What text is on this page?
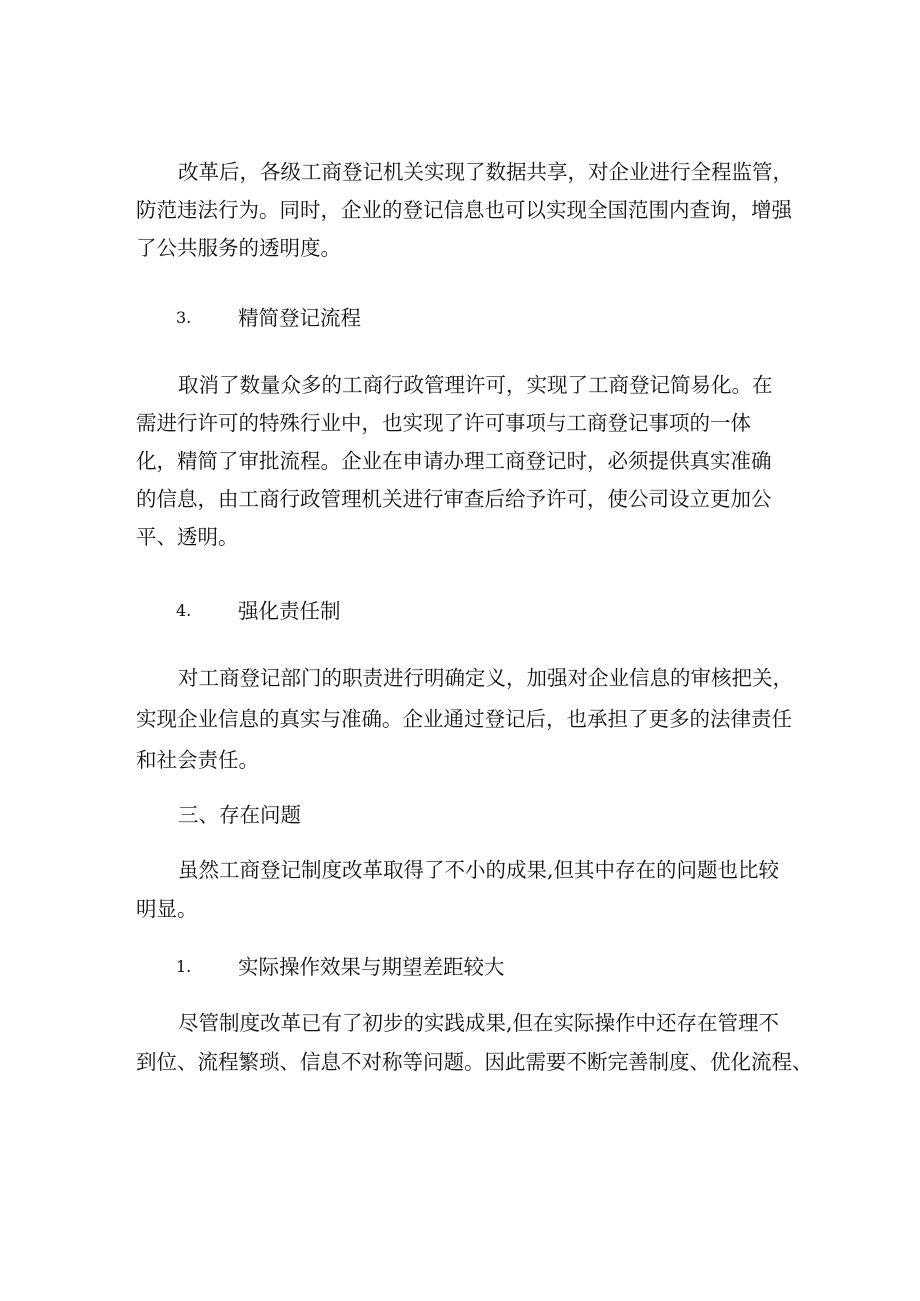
改革后，各级工商登记机关实现了数据共享，对企业进行全程监管，
防范违法行为。同时，企业的登记信息也可以实现全国范围内查询，增强
了公共服务的透明度。
3. 精简登记流程
取消了数量众多的工商行政管理许可，实现了工商登记简易化。在
需进行许可的特殊行业中，也实现了许可事项与工商登记事项的一体
化，精简了审批流程。企业在申请办理工商登记时，必须提供真实准确
的信息，由工商行政管理机关进行审查后给予许可，使公司设立更加公
平、透明。
4. 强化责任制
对工商登记部门的职责进行明确定义，加强对企业信息的审核把关，
实现企业信息的真实与准确。企业通过登记后，也承担了更多的法律责任
和社会责任。
三、存在问题
虽然工商登记制度改革取得了不小的成果,但其中存在的问题也比较
明显。
1. 实际操作效果与期望差距较大
尽管制度改革已有了初步的实践成果,但在实际操作中还存在管理不
到位、流程繁琐、信息不对称等问题。因此需要不断完善制度、优化流程、
